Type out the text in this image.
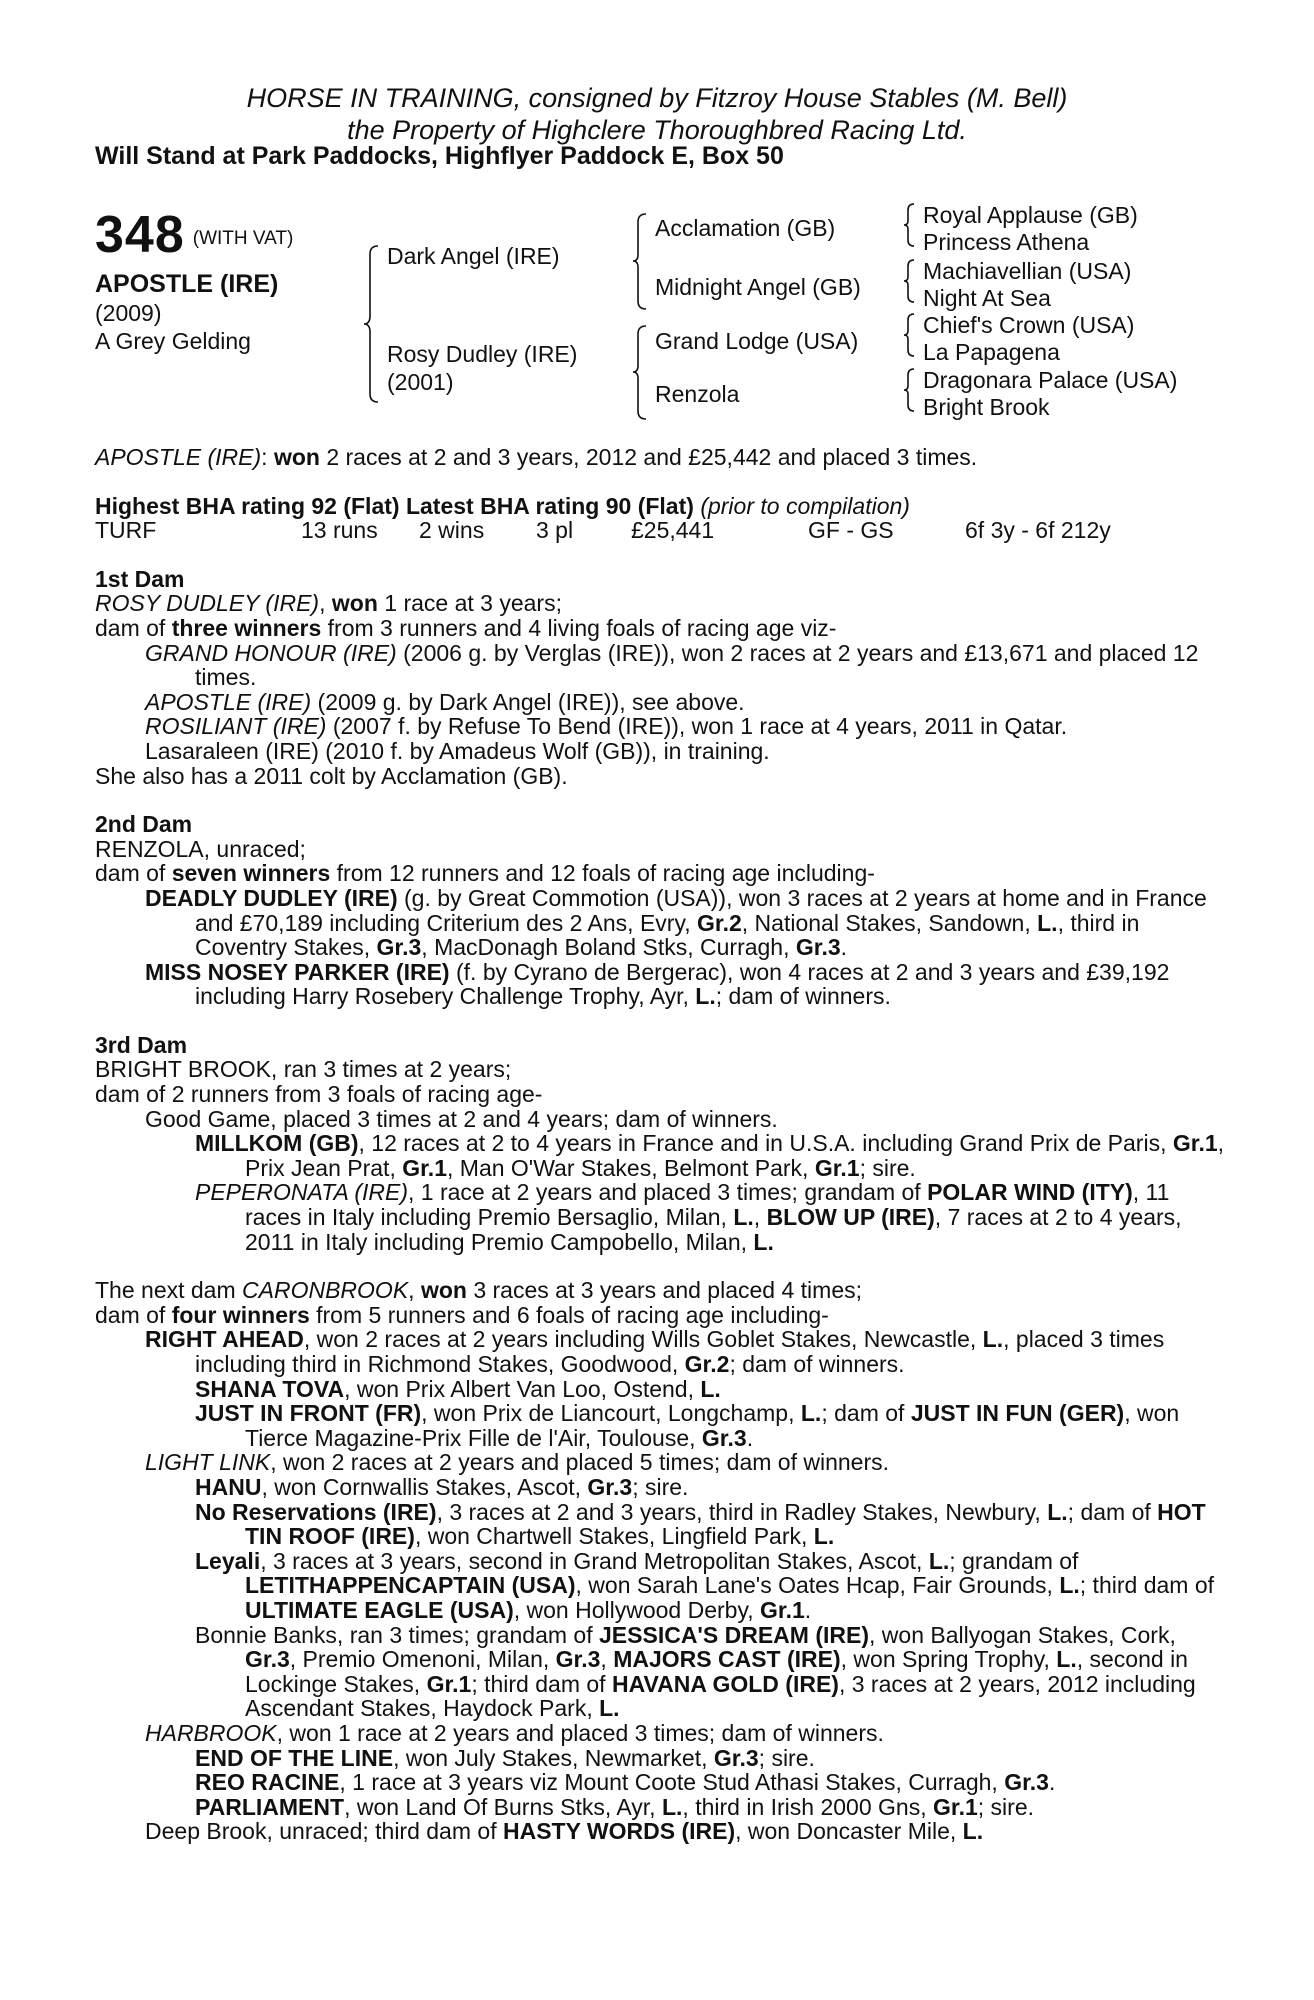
HORSE IN TRAINING, consigned by Fitzroy House Stables (M. Bell)
the Property of Highclere Thoroughbred Racing Ltd.
Will Stand at Park Paddocks, Highflyer Paddock E, Box 50
348 (WITH VAT)
APOSTLE (IRE)
(2009)
A Grey Gelding
Dark Angel (IRE)
Rosy Dudley (IRE)
(2001)
Acclamation (GB)
Midnight Angel (GB)
Grand Lodge (USA)
Renzola
Royal Applause (GB)
Princess Athena
Machiavellian (USA)
Night At Sea
Chief's Crown (USA)
La Papagena
Dragonara Palace (USA)
Bright Brook

APOSTLE (IRE): won 2 races at 2 and 3 years, 2012 and £25,442 and placed 3 times.

Highest BHA rating 92 (Flat) Latest BHA rating 90 (Flat) (prior to compilation)

TURF	13 runs	2 wins	3 pl	£25,441	GF - GS	6f 3y - 6f 212y

1st Dam

ROSY DUDLEY (IRE), won 1 race at 3 years;

dam of three winners from 3 runners and 4 living foals of racing age viz-

GRAND HONOUR (IRE) (2006 g. by Verglas (IRE)), won 2 races at 2 years and £13,671 and placed 12 times.

APOSTLE (IRE) (2009 g. by Dark Angel (IRE)), see above.

ROSILIANT (IRE) (2007 f. by Refuse To Bend (IRE)), won 1 race at 4 years, 2011 in Qatar.

Lasaraleen (IRE) (2010 f. by Amadeus Wolf (GB)), in training.

She also has a 2011 colt by Acclamation (GB).

2nd Dam

RENZOLA, unraced;

dam of seven winners from 12 runners and 12 foals of racing age including-

DEADLY DUDLEY (IRE) (g. by Great Commotion (USA)), won 3 races at 2 years at home and in France and £70,189 including Criterium des 2 Ans, Evry, Gr.2, National Stakes, Sandown, L., third in Coventry Stakes, Gr.3, MacDonagh Boland Stks, Curragh, Gr.3.

MISS NOSEY PARKER (IRE) (f. by Cyrano de Bergerac), won 4 races at 2 and 3 years and £39,192 including Harry Rosebery Challenge Trophy, Ayr, L.; dam of winners.

3rd Dam

BRIGHT BROOK, ran 3 times at 2 years;

dam of 2 runners from 3 foals of racing age-

Good Game, placed 3 times at 2 and 4 years; dam of winners.

MILLKOM (GB), 12 races at 2 to 4 years in France and in U.S.A. including Grand Prix de Paris, Gr.1, Prix Jean Prat, Gr.1, Man O'War Stakes, Belmont Park, Gr.1; sire.

PEPERONATA (IRE), 1 race at 2 years and placed 3 times; grandam of POLAR WIND (ITY), 11 races in Italy including Premio Bersaglio, Milan, L., BLOW UP (IRE), 7 races at 2 to 4 years, 2011 in Italy including Premio Campobello, Milan, L.

The next dam CARONBROOK, won 3 races at 3 years and placed 4 times;

dam of four winners from 5 runners and 6 foals of racing age including-

RIGHT AHEAD, won 2 races at 2 years including Wills Goblet Stakes, Newcastle, L., placed 3 times including third in Richmond Stakes, Goodwood, Gr.2; dam of winners.

SHANA TOVA, won Prix Albert Van Loo, Ostend, L.

JUST IN FRONT (FR), won Prix de Liancourt, Longchamp, L.; dam of JUST IN FUN (GER), won Tierce Magazine-Prix Fille de l'Air, Toulouse, Gr.3.

LIGHT LINK, won 2 races at 2 years and placed 5 times; dam of winners.

HANU, won Cornwallis Stakes, Ascot, Gr.3; sire.

No Reservations (IRE), 3 races at 2 and 3 years, third in Radley Stakes, Newbury, L.; dam of HOT TIN ROOF (IRE), won Chartwell Stakes, Lingfield Park, L.

Leyali, 3 races at 3 years, second in Grand Metropolitan Stakes, Ascot, L.; grandam of LETITHAPPENCAPTAIN (USA), won Sarah Lane's Oates Hcap, Fair Grounds, L.; third dam of ULTIMATE EAGLE (USA), won Hollywood Derby, Gr.1.

Bonnie Banks, ran 3 times; grandam of JESSICA'S DREAM (IRE), won Ballyogan Stakes, Cork, Gr.3, Premio Omenoni, Milan, Gr.3, MAJORS CAST (IRE), won Spring Trophy, L., second in Lockinge Stakes, Gr.1; third dam of HAVANA GOLD (IRE), 3 races at 2 years, 2012 including Ascendant Stakes, Haydock Park, L.

HARBROOK, won 1 race at 2 years and placed 3 times; dam of winners.

END OF THE LINE, won July Stakes, Newmarket, Gr.3; sire.

REO RACINE, 1 race at 3 years viz Mount Coote Stud Athasi Stakes, Curragh, Gr.3.

PARLIAMENT, won Land Of Burns Stks, Ayr, L., third in Irish 2000 Gns, Gr.1; sire.

Deep Brook, unraced; third dam of HASTY WORDS (IRE), won Doncaster Mile, L.
